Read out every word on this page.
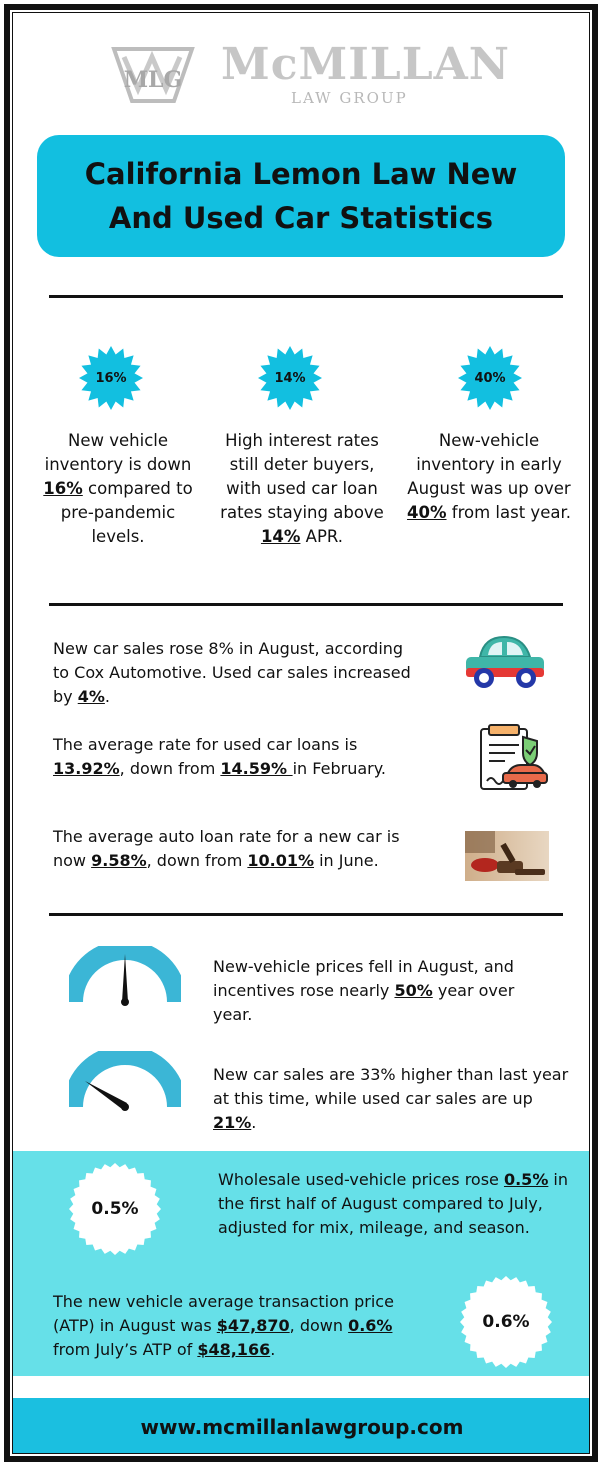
MLG McMILLAN
LAW GROUP
California Lemon Law New
And Used Car Statistics
16%
New vehicle inventory is down 16% compared to pre-pandemic levels.
14%
High interest rates still deter buyers, with used car loan rates staying above 14% APR.
40%
New-vehicle inventory in early August was up over 40% from last year.
New car sales rose 8% in August, according to Cox Automotive. Used car sales increased by 4%.
The average rate for used car loans is 13.92%, down from 14.59% in February.
The average auto loan rate for a new car is now 9.58%, down from 10.01% in June.
New-vehicle prices fell in August, and incentives rose nearly 50% year over year.
New car sales are 33% higher than last year at this time, while used car sales are up 21%.
0.5%
Wholesale used-vehicle prices rose 0.5% in the first half of August compared to July, adjusted for mix, mileage, and season.
The new vehicle average transaction price (ATP) in August was $47,870, down 0.6% from July’s ATP of $48,166.
0.6%
www.mcmillanlawgroup.com
